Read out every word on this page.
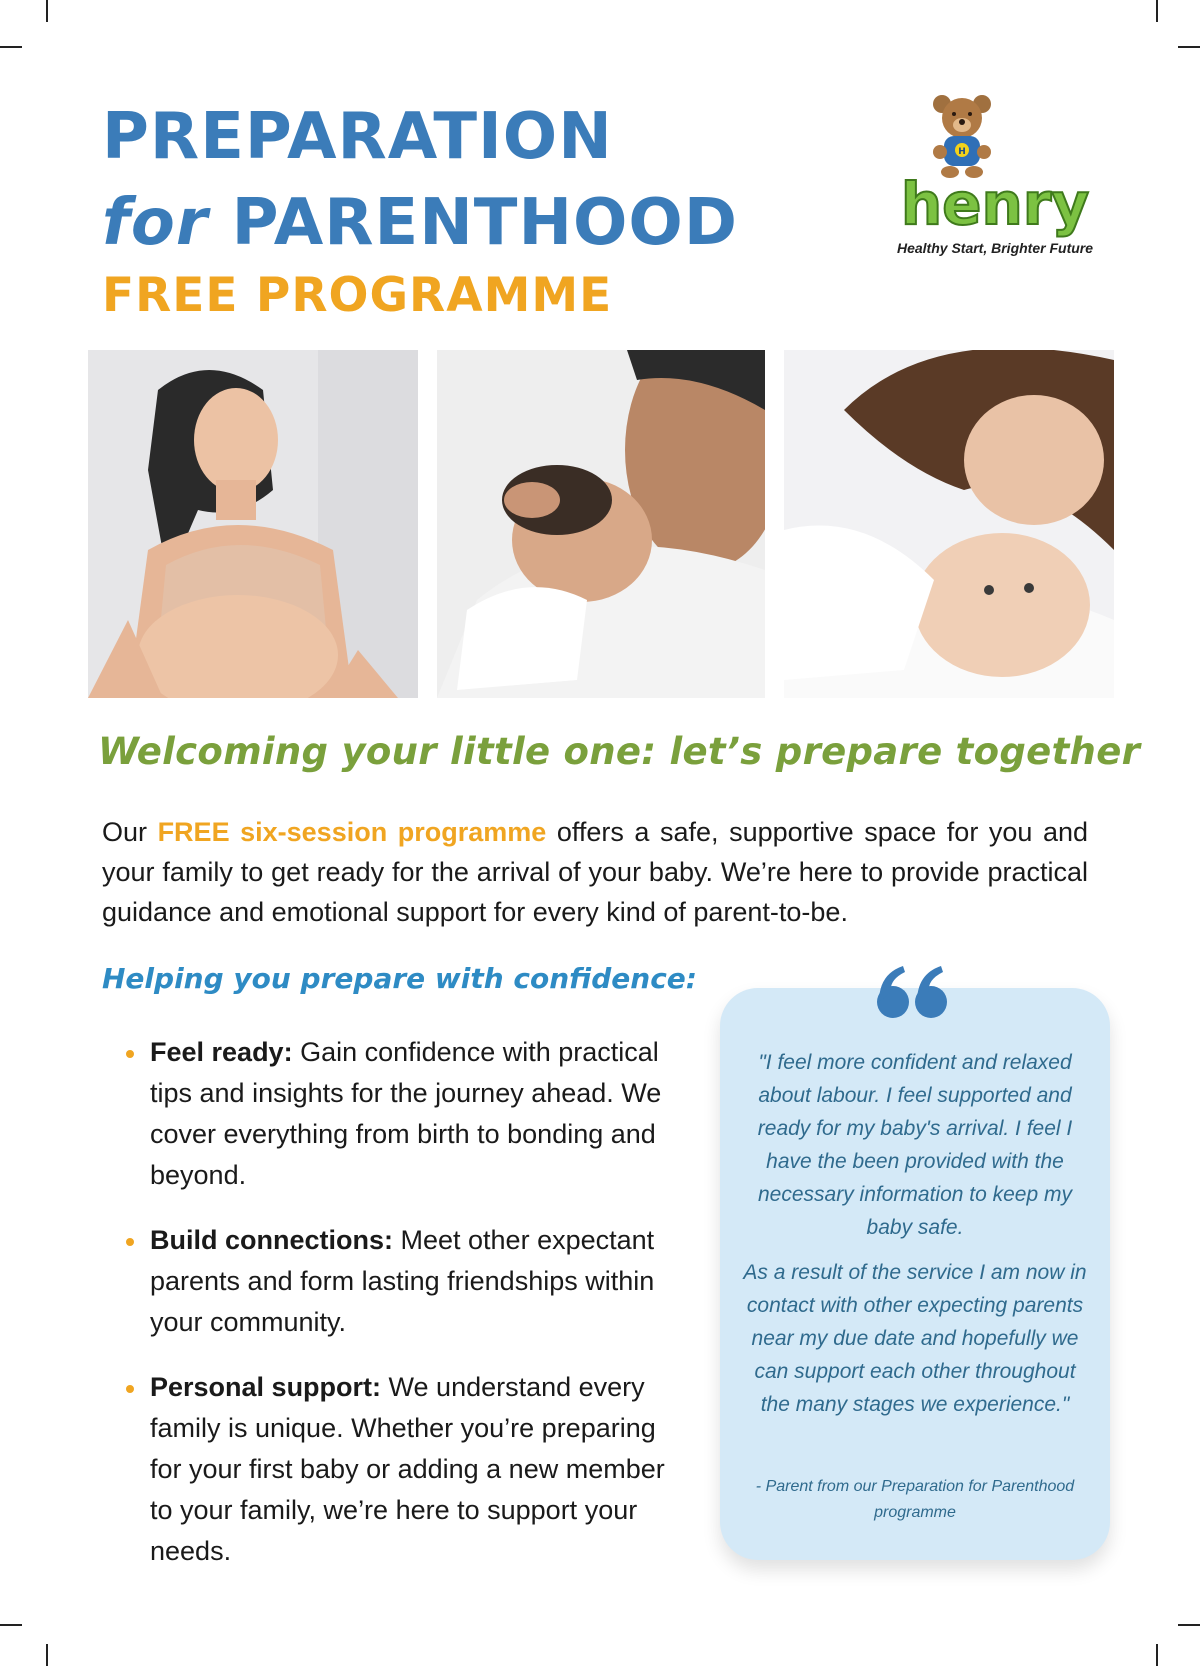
PREPARATION
for PARENTHOOD
FREE PROGRAMME
H
henry
Healthy Start, Brighter Future
Welcoming your little one: let’s prepare together

Our FREE six-session programme offers a safe, supportive space for you and your family to get ready for the arrival of your baby. We’re here to provide practical guidance and emotional support for every kind of parent-to-be.

Helping you prepare with confidence:
Feel ready: Gain confidence with practical tips and insights for the journey ahead. We cover everything from birth to bonding and beyond.
Build connections: Meet other expectant parents and form lasting friendships within your community.
Personal support: We understand every family is unique. Whether you’re preparing for your first baby or adding a new member to your family, we’re here to support your needs.

"I feel more confident and relaxed about labour. I feel supported and ready for my baby's arrival. I feel I have the been provided with the necessary information to keep my baby safe.

As a result of the service I am now in contact with other expecting parents near my due date and hopefully we can support each other throughout the many stages we experience."

- Parent from our Preparation for Parenthood programme
